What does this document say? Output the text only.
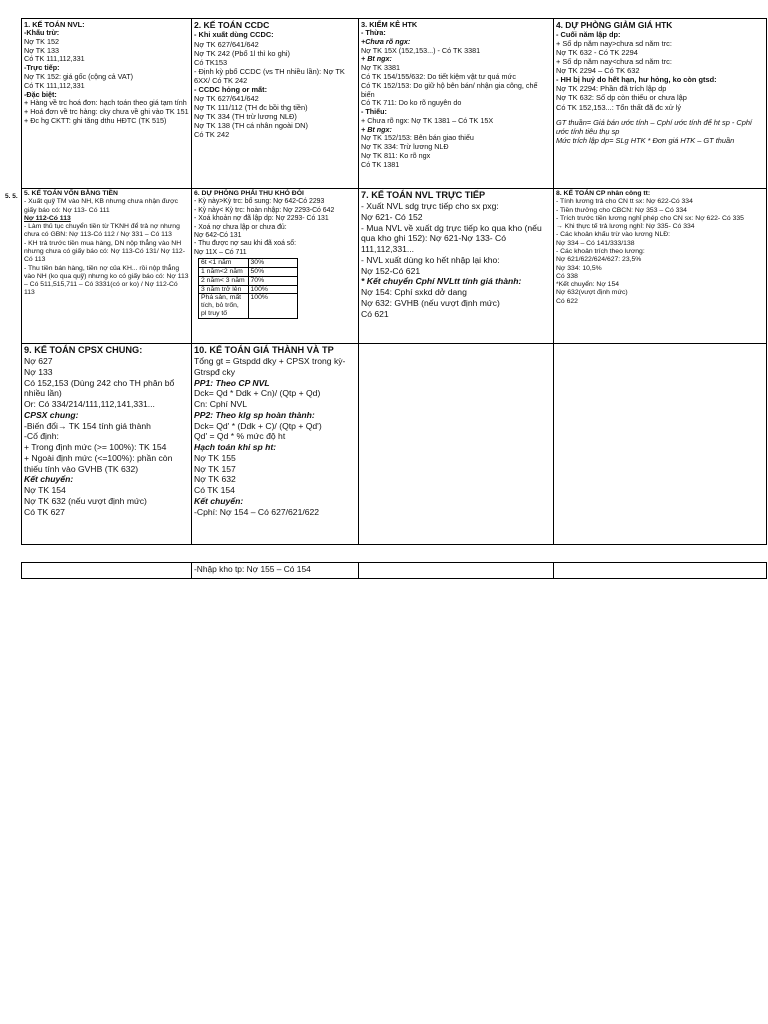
5. 5.
1. KẾ TOÁN NVL:
-Khấu trừ:
Nợ TK 152
Nợ TK 133
Có TK 111,112,331
-Trực tiếp:
Nợ TK 152: giá gốc (cộng cả VAT)
Có TK 111,112,331
-Đặc biệt:
+ Hàng về trc hoá đơn: hạch toán theo giá tạm tính
+ Hoá đơn về trc hàng: cky chưa về ghi vào TK 151
+ Đc hg CKTT: ghi tăng dthu HĐTC (TK 515)

2. KẾ TOÁN CCDC
- Khi xuất dùng CCDC:
Nợ TK 627/641/642
Nợ TK 242 (Pbổ 1l thì ko ghi)
Có TK153
- Định kỳ pbổ CCDC (vs TH nhiều lần): Nợ TK 6XX/ Có TK 242
- CCDC hỏng or mất:
Nợ TK 627/641/642
Nợ TK 111/112 (TH đc bồi thg tiền)
Nợ TK 334 (TH trừ lương NLĐ)
Nợ TK 138 (TH cá nhân ngoài DN)
Có TK 242

3. KIỂM KÊ HTK
- Thừa:
+Chưa rõ ngx:
Nợ TK 15X (152,153...) - Có TK 3381
+ Bt ngx:
Nợ TK 3381
Có TK 154/155/632: Do tiết kiệm vật tư quá mức
Có TK 152/153: Do giữ hộ bên bán/ nhận gia công, chế biến
Có TK 711: Do ko rõ nguyên do
- Thiếu:
+ Chưa rõ ngx: Nợ TK 1381 – Có TK 15X
+ Bt ngx:
Nợ TK 152/153: Bên bán giao thiếu
Nợ TK 334: Trừ lương NLĐ
Nợ TK 811: Ko rõ ngx
Có TK 1381

4. DỰ PHÒNG GIẢM GIÁ HTK
- Cuối năm lập dp:
+ Số dp năm nay>chưa sd năm trc:
Nợ TK 632 - Có TK 2294
+ Số dp năm nay<chưa sd năm trc:
Nợ TK 2294 – Có TK 632
- HH bị huỷ do hết hạn, hư hỏng, ko còn gtsd:
Nợ TK 2294: Phần đã trích lập dp
Nợ TK 632: Số dp còn thiếu or chưa lập
Có TK 152,153...: Tổn thất đã đc xử lý
GT thuần= Giá bán ước tính – Cphí ước tính để ht sp - Cphí ước tính tiêu thụ sp
Mức trích lập dp= SLg HTK * Đơn giá HTK – GT thuần

5. KẾ TOÁN VỐN BẰNG TIỀN
- Xuất quỹ TM vào NH, KB nhưng chưa nhận được giấy báo có: Nợ 113- Có 111
Nợ 112-Có 113
- Làm thủ tục chuyển tiền từ TKNH để trả nợ nhưng chưa có GBN: Nợ 113-Có 112 / Nợ 331 – Có 113
- KH trả trước tiền mua hàng, DN nộp thẳng vào NH nhưng chưa có giấy báo có: Nợ 113-Có 131/ Nợ 112- Có 113
- Thu tiền bán hàng, tiền nợ của KH... rồi nộp thẳng vào NH (ko qua quỹ) nhưng ko có giấy báo có: Nợ 113 – Có 511,515,711 – Có 3331(có or ko) / Nợ 112-Có 113

6. DỰ PHÒNG PHẢI THU KHÓ ĐÒI
- Kỳ này>Kỳ trc: bổ sung: Nợ 642-Có 2293
- Kỳ này< Kỳ trc: hoàn nhập: Nợ 2293-Có 642
- Xoá khoản nợ đã lập dp: Nợ 2293- Có 131
- Xoá nợ chưa lập or chưa đủ:
Nợ 642-Có 131
- Thu được nợ sau khi đã xoá sổ:
Nợ 11X – Có 711
6t <1 năm	30%
1 năm<2 năm	50%
2 năm< 3 năm	70%
3 năm trở lên	100%
Phá sản, mất tích, bỏ trốn, pl truy tố	100%

7. KẾ TOÁN NVL TRỰC TIẾP
- Xuất NVL sdg trực tiếp cho sx pxg:
Nợ 621- Có 152
- Mua NVL về xuất dg trực tiếp ko qua kho (nếu qua kho ghi 152): Nợ 621-Nợ 133- Có 111,112,331...
- NVL xuất dùng ko hết nhập lại kho:
Nợ 152-Có 621
* Kết chuyển Cphí NVLtt tính giá thành:
Nợ 154: Cphí sxkd dở dang
Nợ 632: GVHB (nếu vượt định mức)
Có 621

8. KẾ TOÁN CP nhân công tt:
- Tính lương trả cho CN tt sx: Nợ 622-Có 334
- Tiền thưởng cho CBCN: Nợ 353 – Có 334
- Trích trước tiền lương nghỉ phép cho CN sx: Nợ 622- Có 335
→ Khi thực tế trả lương nghỉ: Nợ 335- Có 334
- Các khoản khấu trừ vào lương NLĐ:
Nợ 334 – Có 141/333/138
- Các khoản trích theo lương:
Nợ 621/622/624/627: 23,5%
Nợ 334: 10,5%
Có 338
*Kết chuyển: Nợ 154
Nợ 632(vượt định mức)
Có 622

9. KẾ TOÁN CPSX CHUNG:
Nợ 627
Nợ 133
Có 152,153 (Dùng 242 cho TH phân bổ nhiều lần)
Or: Có 334/214/111,112,141,331...
CPSX chung:
-Biến đổi→ TK 154 tính giá thành
-Cố định:
+ Trong định mức (>= 100%): TK 154
+ Ngoài định mức (<=100%): phần còn thiếu tính vào GVHB (TK 632)
Kết chuyển:
Nợ TK 154
Nợ TK 632 (nếu vượt định mức)
Có TK 627

10. KẾ TOÁN GIÁ THÀNH VÀ TP
Tổng gt = Gtspdd dky + CPSX trong kỳ- Gtrspđ cky
PP1: Theo CP NVL
Dck= Qd * Ddk + Cn)/ (Qtp + Qd)
Cn: Cphí NVL
PP2: Theo klg sp hoàn thành:
Dck= Qd' * (Ddk + C)/ (Qtp + Qd')
Qd' = Qd * % mức độ ht
Hạch toán khi sp ht:
Nợ TK 155
Nợ TK 157
Nợ TK 632
Có TK 154
Kết chuyển:
-Cphí: Nợ 154 – Có 627/621/622

	-Nhập kho tp: Nợ 155 – Có 154		
